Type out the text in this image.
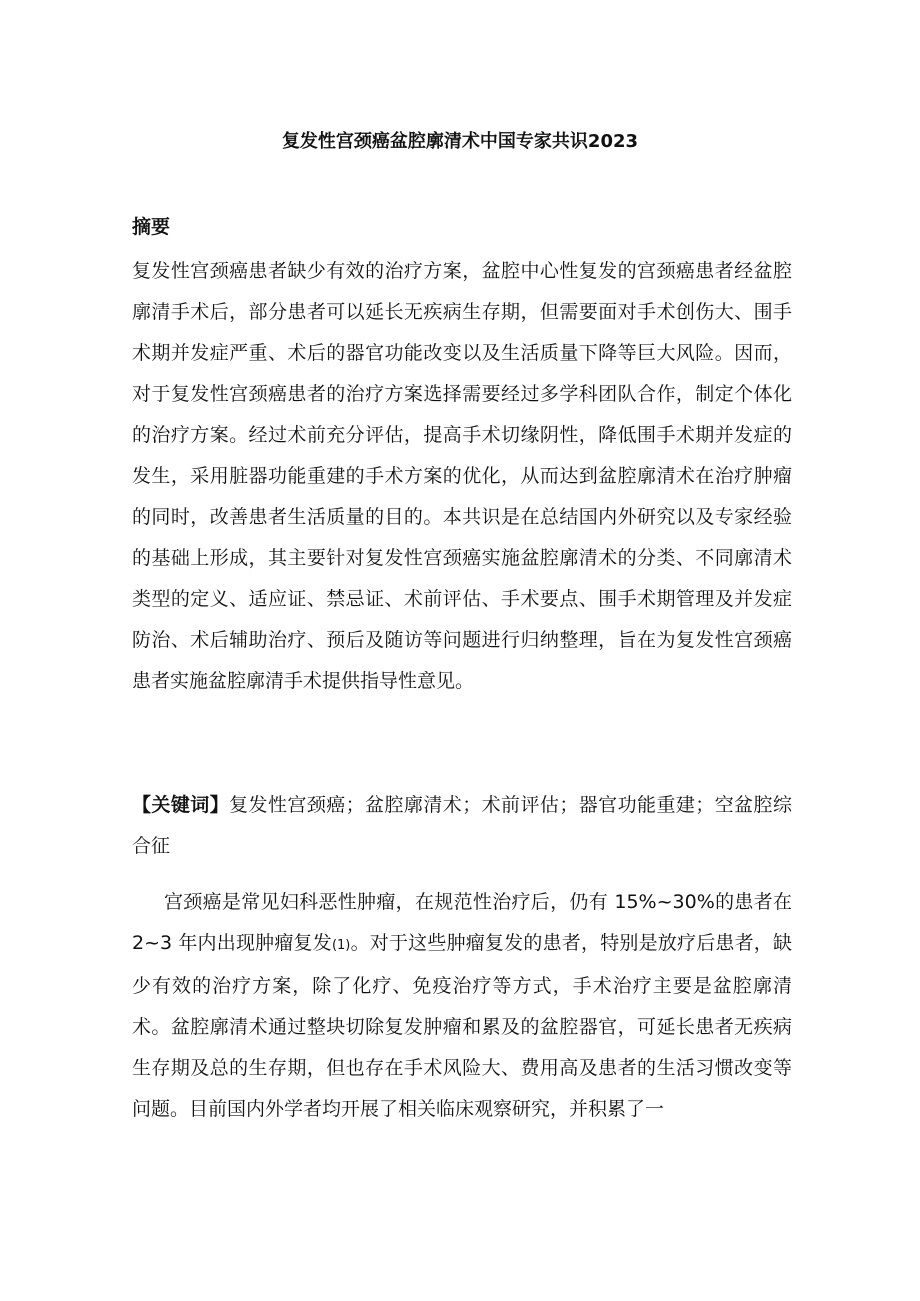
复发性宫颈癌盆腔廓清术中国专家共识2023
摘要

复发性宫颈癌患者缺少有效的治疗方案，盆腔中心性复发的宫颈癌患者经盆腔廓清手术后，部分患者可以延长无疾病生存期，但需要面对手术创伤大、围手术期并发症严重、术后的器官功能改变以及生活质量下降等巨大风险。因而，对于复发性宫颈癌患者的治疗方案选择需要经过多学科团队合作，制定个体化的治疗方案。经过术前充分评估，提高手术切缘阴性，降低围手术期并发症的发生，采用脏器功能重建的手术方案的优化，从而达到盆腔廓清术在治疗肿瘤的同时，改善患者生活质量的目的。本共识是在总结国内外研究以及专家经验的基础上形成，其主要针对复发性宫颈癌实施盆腔廓清术的分类、不同廓清术类型的定义、适应证、禁忌证、术前评估、手术要点、围手术期管理及并发症防治、术后辅助治疗、预后及随访等问题进行归纳整理，旨在为复发性宫颈癌患者实施盆腔廓清手术提供指导性意见。

【关键词】复发性宫颈癌；盆腔廓清术；术前评估；器官功能重建；空盆腔综合征

宫颈癌是常见妇科恶性肿瘤，在规范性治疗后，仍有 15%~30%的患者在 2~3 年内出现肿瘤复发(1)。对于这些肿瘤复发的患者，特别是放疗后患者，缺少有效的治疗方案，除了化疗、免疫治疗等方式，手术治疗主要是盆腔廓清术。盆腔廓清术通过整块切除复发肿瘤和累及的盆腔器官，可延长患者无疾病生存期及总的生存期，但也存在手术风险大、费用高及患者的生活习惯改变等问题。目前国内外学者均开展了相关临床观察研究，并积累了一
